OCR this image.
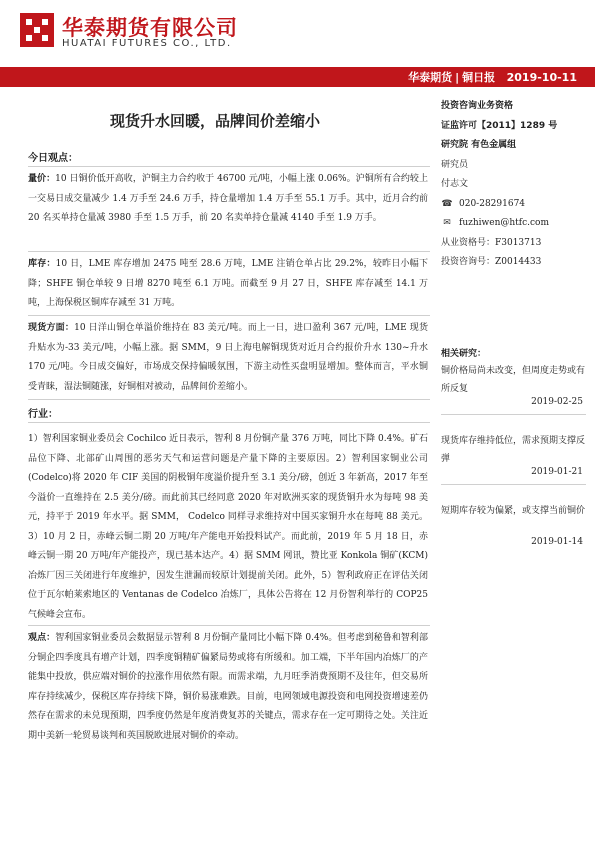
华泰期货有限公司
HUATAI FUTURES CO., LTD.
华泰期货 | 铜日报 2019-10-11
现货升水回暖，品牌间价差缩小
今日观点：
量价：10 日铜价低开高收，沪铜主力合约收于 46700 元/吨，小幅上涨 0.06%。沪铜所有合约较上一交易日成交量减少 1.4 万手至 24.6 万手，持仓量增加 1.4 万手至 55.1 万手。其中，近月合约前 20 名买单持仓量减 3980 手至 1.5 万手，前 20 名卖单持仓量减 4140 手至 1.9 万手。
库存：10 日，LME 库存增加 2475 吨至 28.6 万吨，LME 注销仓单占比 29.2%，较昨日小幅下降；SHFE 铜仓单较 9 日增 8270 吨至 6.1 万吨。而截至 9 月 27 日，SHFE 库存减至 14.1 万吨，上海保税区铜库存减至 31 万吨。
现货方面：10 日洋山铜仓单溢价维持在 83 美元/吨。而上一日，进口盈利 367 元/吨，LME 现货升贴水为-33 美元/吨，小幅上涨。据 SMM，9 日上海电解铜现货对近月合约报价升水 130~升水 170 元/吨。今日成交偏好，市场成交保持偏暖氛围，下游主动性买盘明显增加。整体而言，平水铜受青睐，湿法铜随涨，好铜相对被动，品牌间价差缩小。
行业：
1）智利国家铜业委员会 Cochilco 近日表示，智利 8 月份铜产量 376 万吨，同比下降 0.4%。矿石品位下降、北部矿山周围的恶劣天气和运营问题是产量下降的主要原因。2）智利国家铜业公司(Codelco)将 2020 年 CIF 美国的阴极铜年度溢价提升至 3.1 美分/磅，创近 3 年新高，2017 年至今溢价一直维持在 2.5 美分/磅。而此前其已经同意 2020 年对欧洲买家的现货铜升水为每吨 98 美元，持平于 2019 年水平。据 SMM， Codelco 同样寻求维持对中国买家铜升水在每吨 88 美元。3）10 月 2 日，赤峰云铜二期 20 万吨/年产能电开始投料试产。而此前，2019 年 5 月 18 日，赤峰云铜一期 20 万吨/年产能投产，现已基本达产。4）据 SMM 网讯，赞比亚 Konkola 铜矿(KCM)冶炼厂因三关闭进行年度维护，因发生泄漏而较原计划提前关闭。此外，5）智利政府正在评估关闭位于瓦尔帕莱索地区的 Ventanas de Codelco 冶炼厂，具体公告将在 12 月份智利举行的 COP25 气候峰会宣布。
观点：智利国家铜业委员会数据显示智利 8 月份铜产量同比小幅下降 0.4%。但考虑到秘鲁和智利部分铜企四季度具有增产计划，四季度铜精矿偏紧局势或将有所缓和。加工端，下半年国内冶炼厂的产能集中投放，供应端对铜价的拉涨作用依然有限。而需求端，九月旺季消费预期不及往年，但交易所库存持续减少，保税区库存持续下降，铜价易涨难跌。目前，电网领域电源投资和电网投资增速差仍然存在需求的未兑现预期，四季度仍然是年度消费复苏的关键点，需求存在一定可期待之处。关注近期中美新一轮贸易谈判和英国脱欧进展对铜价的牵动。
投资咨询业务资格
证监许可【2011】1289 号
研究院 有色金属组
研究员
付志文
☎ 020-28291674
✉ fuzhiwen@htfc.com
从业资格号：F3013713
投资咨询号：Z0014433
相关研究：
铜价格局尚未改变，但周度走势或有所反复
2019-02-25
现货库存维持低位，需求预期支撑反弹
2019-01-21
短期库存较为偏紧，或支撑当前铜价
2019-01-14
